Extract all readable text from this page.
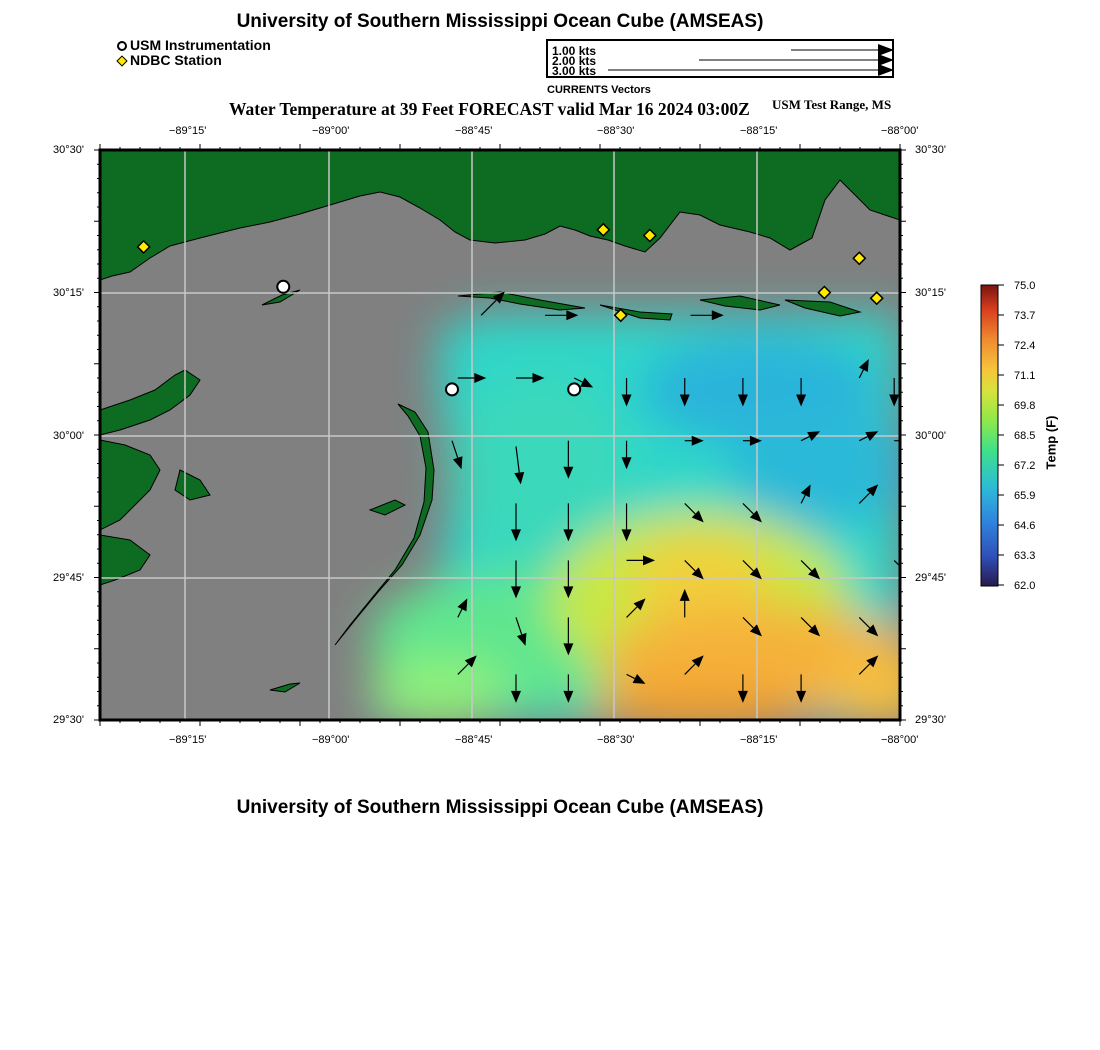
University of Southern Mississippi Ocean Cube (AMSEAS)
USM Instrumentation
NDBC Station
1.00 kts
2.00 kts
3.00 kts
CURRENTS Vectors
Water Temperature at 39 Feet FORECAST valid Mar 16 2024 03:00Z USM Test Range, MS
−89°15'	−89°00'	−88°45'	−88°30'	−88°15'	−88°00'
−89°15'	−89°00'	−88°45'	−88°30'	−88°15'	−88°00'
30°30'
30°15'
30°00'
29°45'
29°30'
30°30'
30°15'
30°00'
29°45'
29°30'
75.0
73.7
72.4
71.1
69.8
68.5
67.2
65.9
64.6
63.3
62.0
Temp (F)
University of Southern Mississippi Ocean Cube (AMSEAS)
